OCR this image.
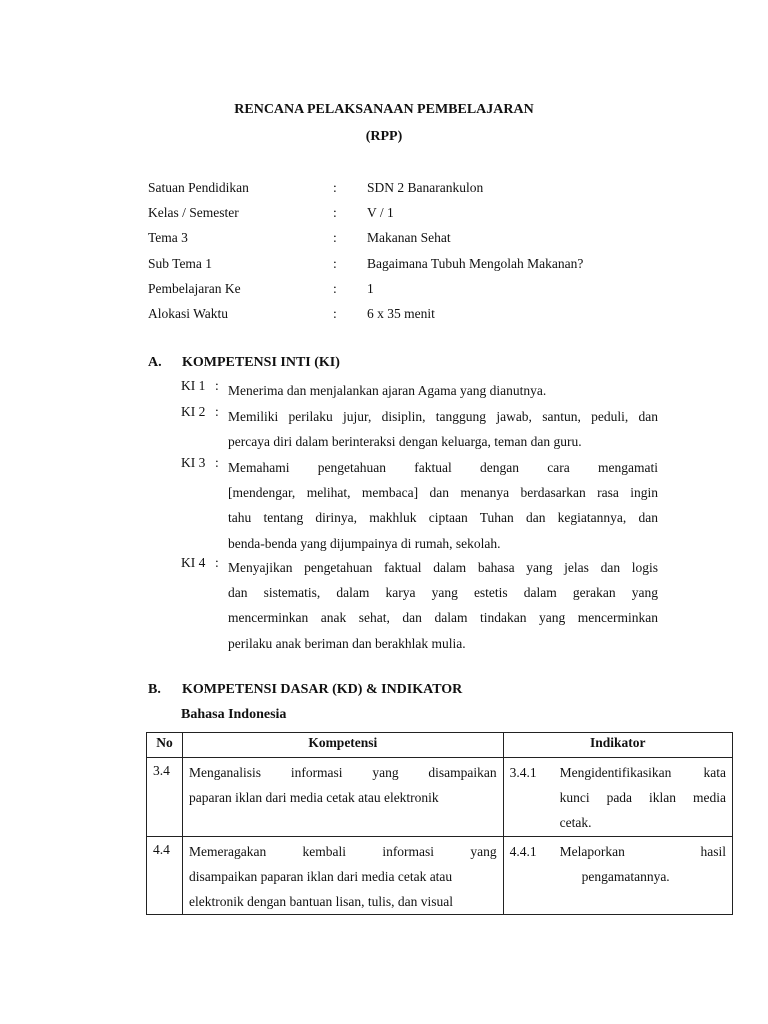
RENCANA PELAKSANAAN PEMBELAJARAN
(RPP)
Satuan Pendidikan	: SDN 2 Banarankulon
Kelas / Semester	: V / 1
Tema 3	: Makanan Sehat
Sub Tema 1	: Bagaimana Tubuh Mengolah Makanan?
Pembelajaran Ke	: 1
Alokasi Waktu	: 6 x 35 menit
A. KOMPETENSI INTI (KI)
KI 1 : Menerima dan menjalankan ajaran Agama yang dianutnya.
KI 2 : Memiliki perilaku jujur, disiplin, tanggung jawab, santun, peduli, dan
percaya diri dalam berinteraksi dengan keluarga, teman dan guru.
KI 3 : Memahami pengetahuan faktual dengan cara mengamati
[mendengar, melihat, membaca] dan menanya berdasarkan rasa ingin
tahu tentang dirinya, makhluk ciptaan Tuhan dan kegiatannya, dan
benda-benda yang dijumpainya di rumah, sekolah.
KI 4 : Menyajikan pengetahuan faktual dalam bahasa yang jelas dan logis
dan sistematis, dalam karya yang estetis dalam gerakan yang
mencerminkan anak sehat, dan dalam tindakan yang mencerminkan
perilaku anak beriman dan berakhlak mulia.
B. KOMPETENSI DASAR (KD) & INDIKATOR
Bahasa Indonesia
No	Kompetensi	Indikator
3.4	Menganalisis informasi yang disampaikan
paparan iklan dari media cetak atau elektronik	3.4.1 Mengidentifikasikan kata
kunci pada iklan media
cetak.

4.4	Memeragakan kembali informasi yang
disampaikan paparan iklan dari media cetak atau
elektronik dengan bantuan lisan, tulis, dan visual	4.4.1 Melaporkan hasil
pengamatannya.
